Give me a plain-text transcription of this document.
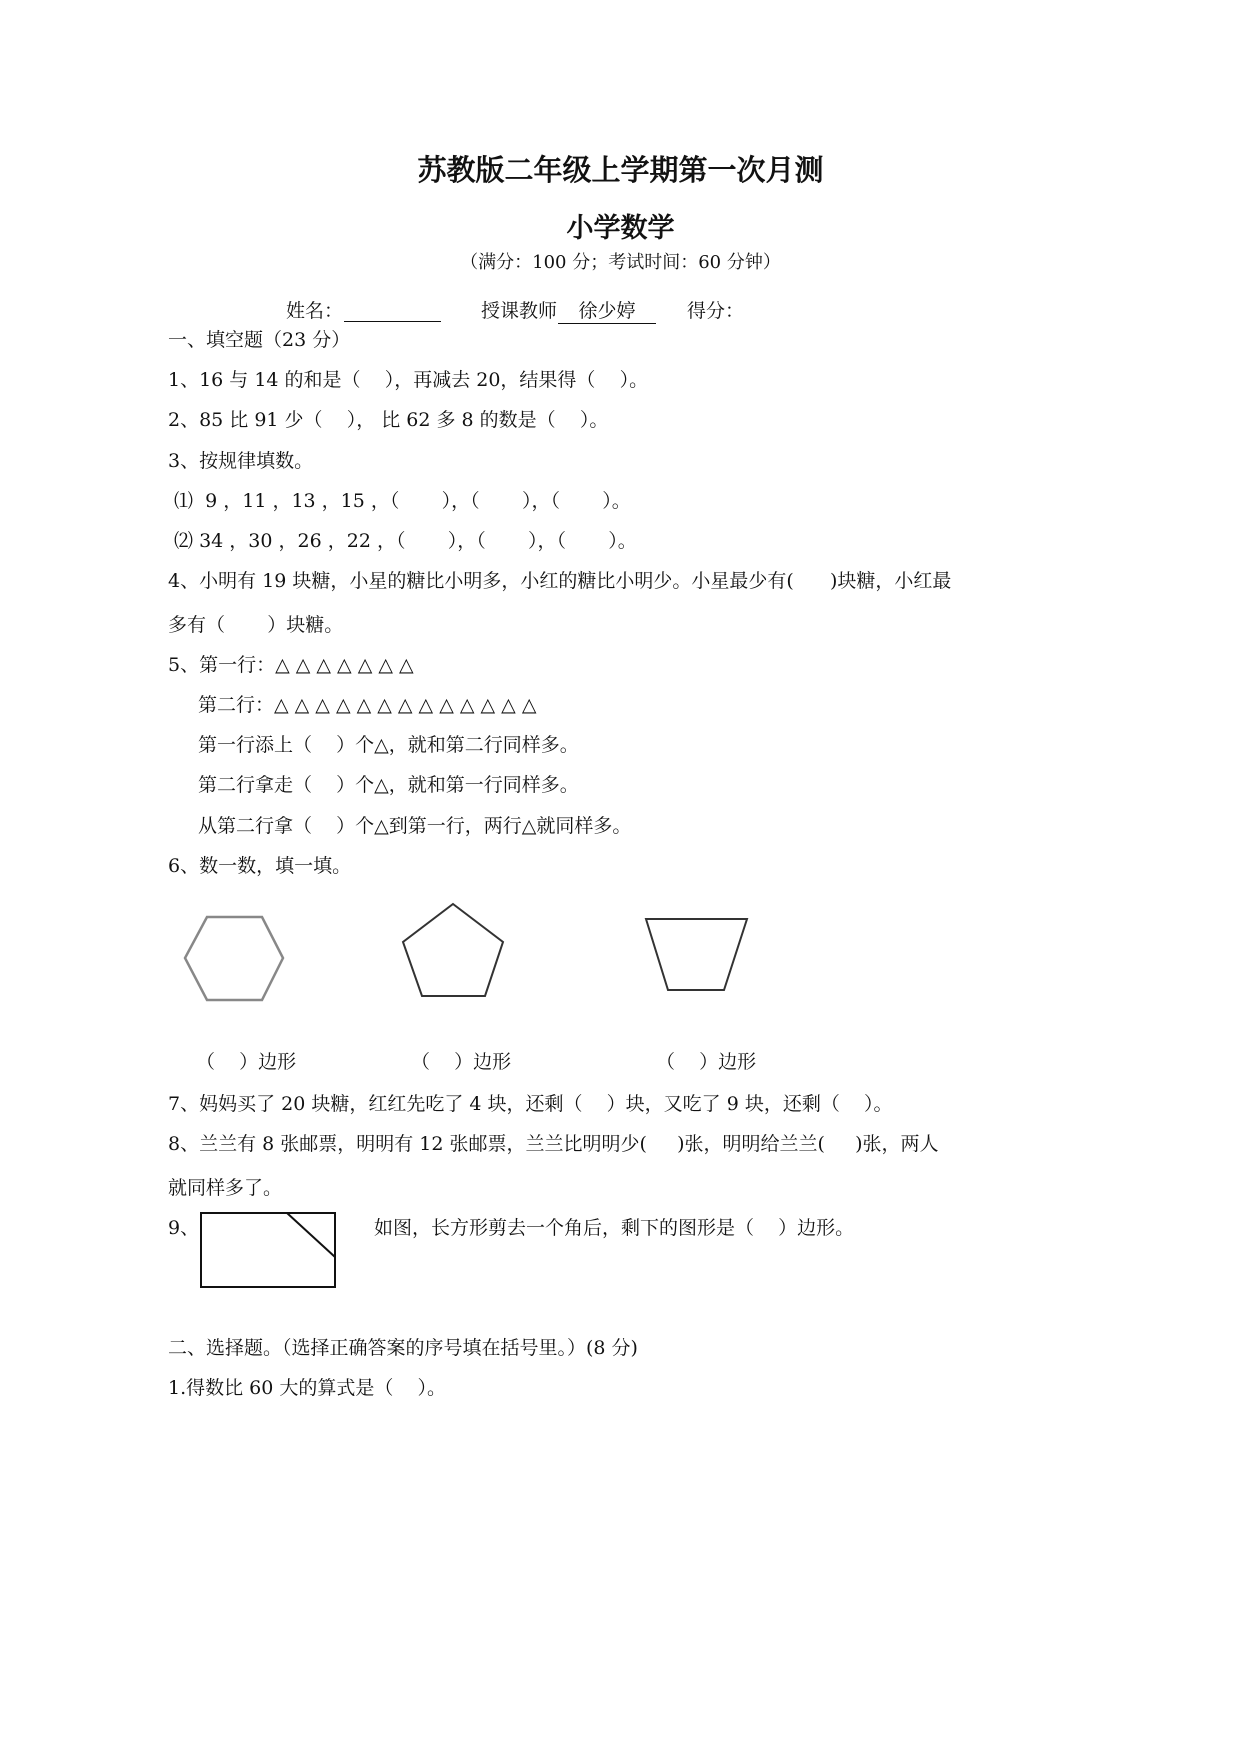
苏教版二年级上学期第一次月测
小学数学
（满分：100 分；考试时间：60 分钟）
姓名：	授课教师	徐少婷	得分：
一、填空题（23 分）
1、16 与 14 的和是（    ），再减去 20，结果得（    ）。
2、85 比 91 少（    ）， 比 62 多 8 的数是（    ）。
3、按规律填数。
⑴  9 ，11 ，13 ，15 ，（       ），（       ），（       ）。
⑵ 34 ，30 ，26 ，22 ，（       ），（       ），（       ）。
4、小明有 19 块糖，小星的糖比小明多，小红的糖比小明少。小星最少有(      )块糖，小红最
多有（       ）块糖。
5、第一行：△ △ △ △ △ △ △
第二行：△ △ △ △ △ △ △ △ △ △ △ △ △
第一行添上（    ）个△，就和第二行同样多。
第二行拿走（    ）个△，就和第一行同样多。
从第二行拿（    ）个△到第一行，两行△就同样多。
6、数一数，填一填。
（    ）边形	（    ）边形	（    ）边形
7、妈妈买了 20 块糖，红红先吃了 4 块，还剩（    ）块，又吃了 9 块，还剩（    ）。
8、兰兰有 8 张邮票，明明有 12 张邮票，兰兰比明明少(     )张，明明给兰兰(     )张，两人
就同样多了。
9、	如图，长方形剪去一个角后，剩下的图形是（    ）边形。
二、选择题。（选择正确答案的序号填在括号里。）(8 分)
1.得数比 60 大的算式是（    ）。
